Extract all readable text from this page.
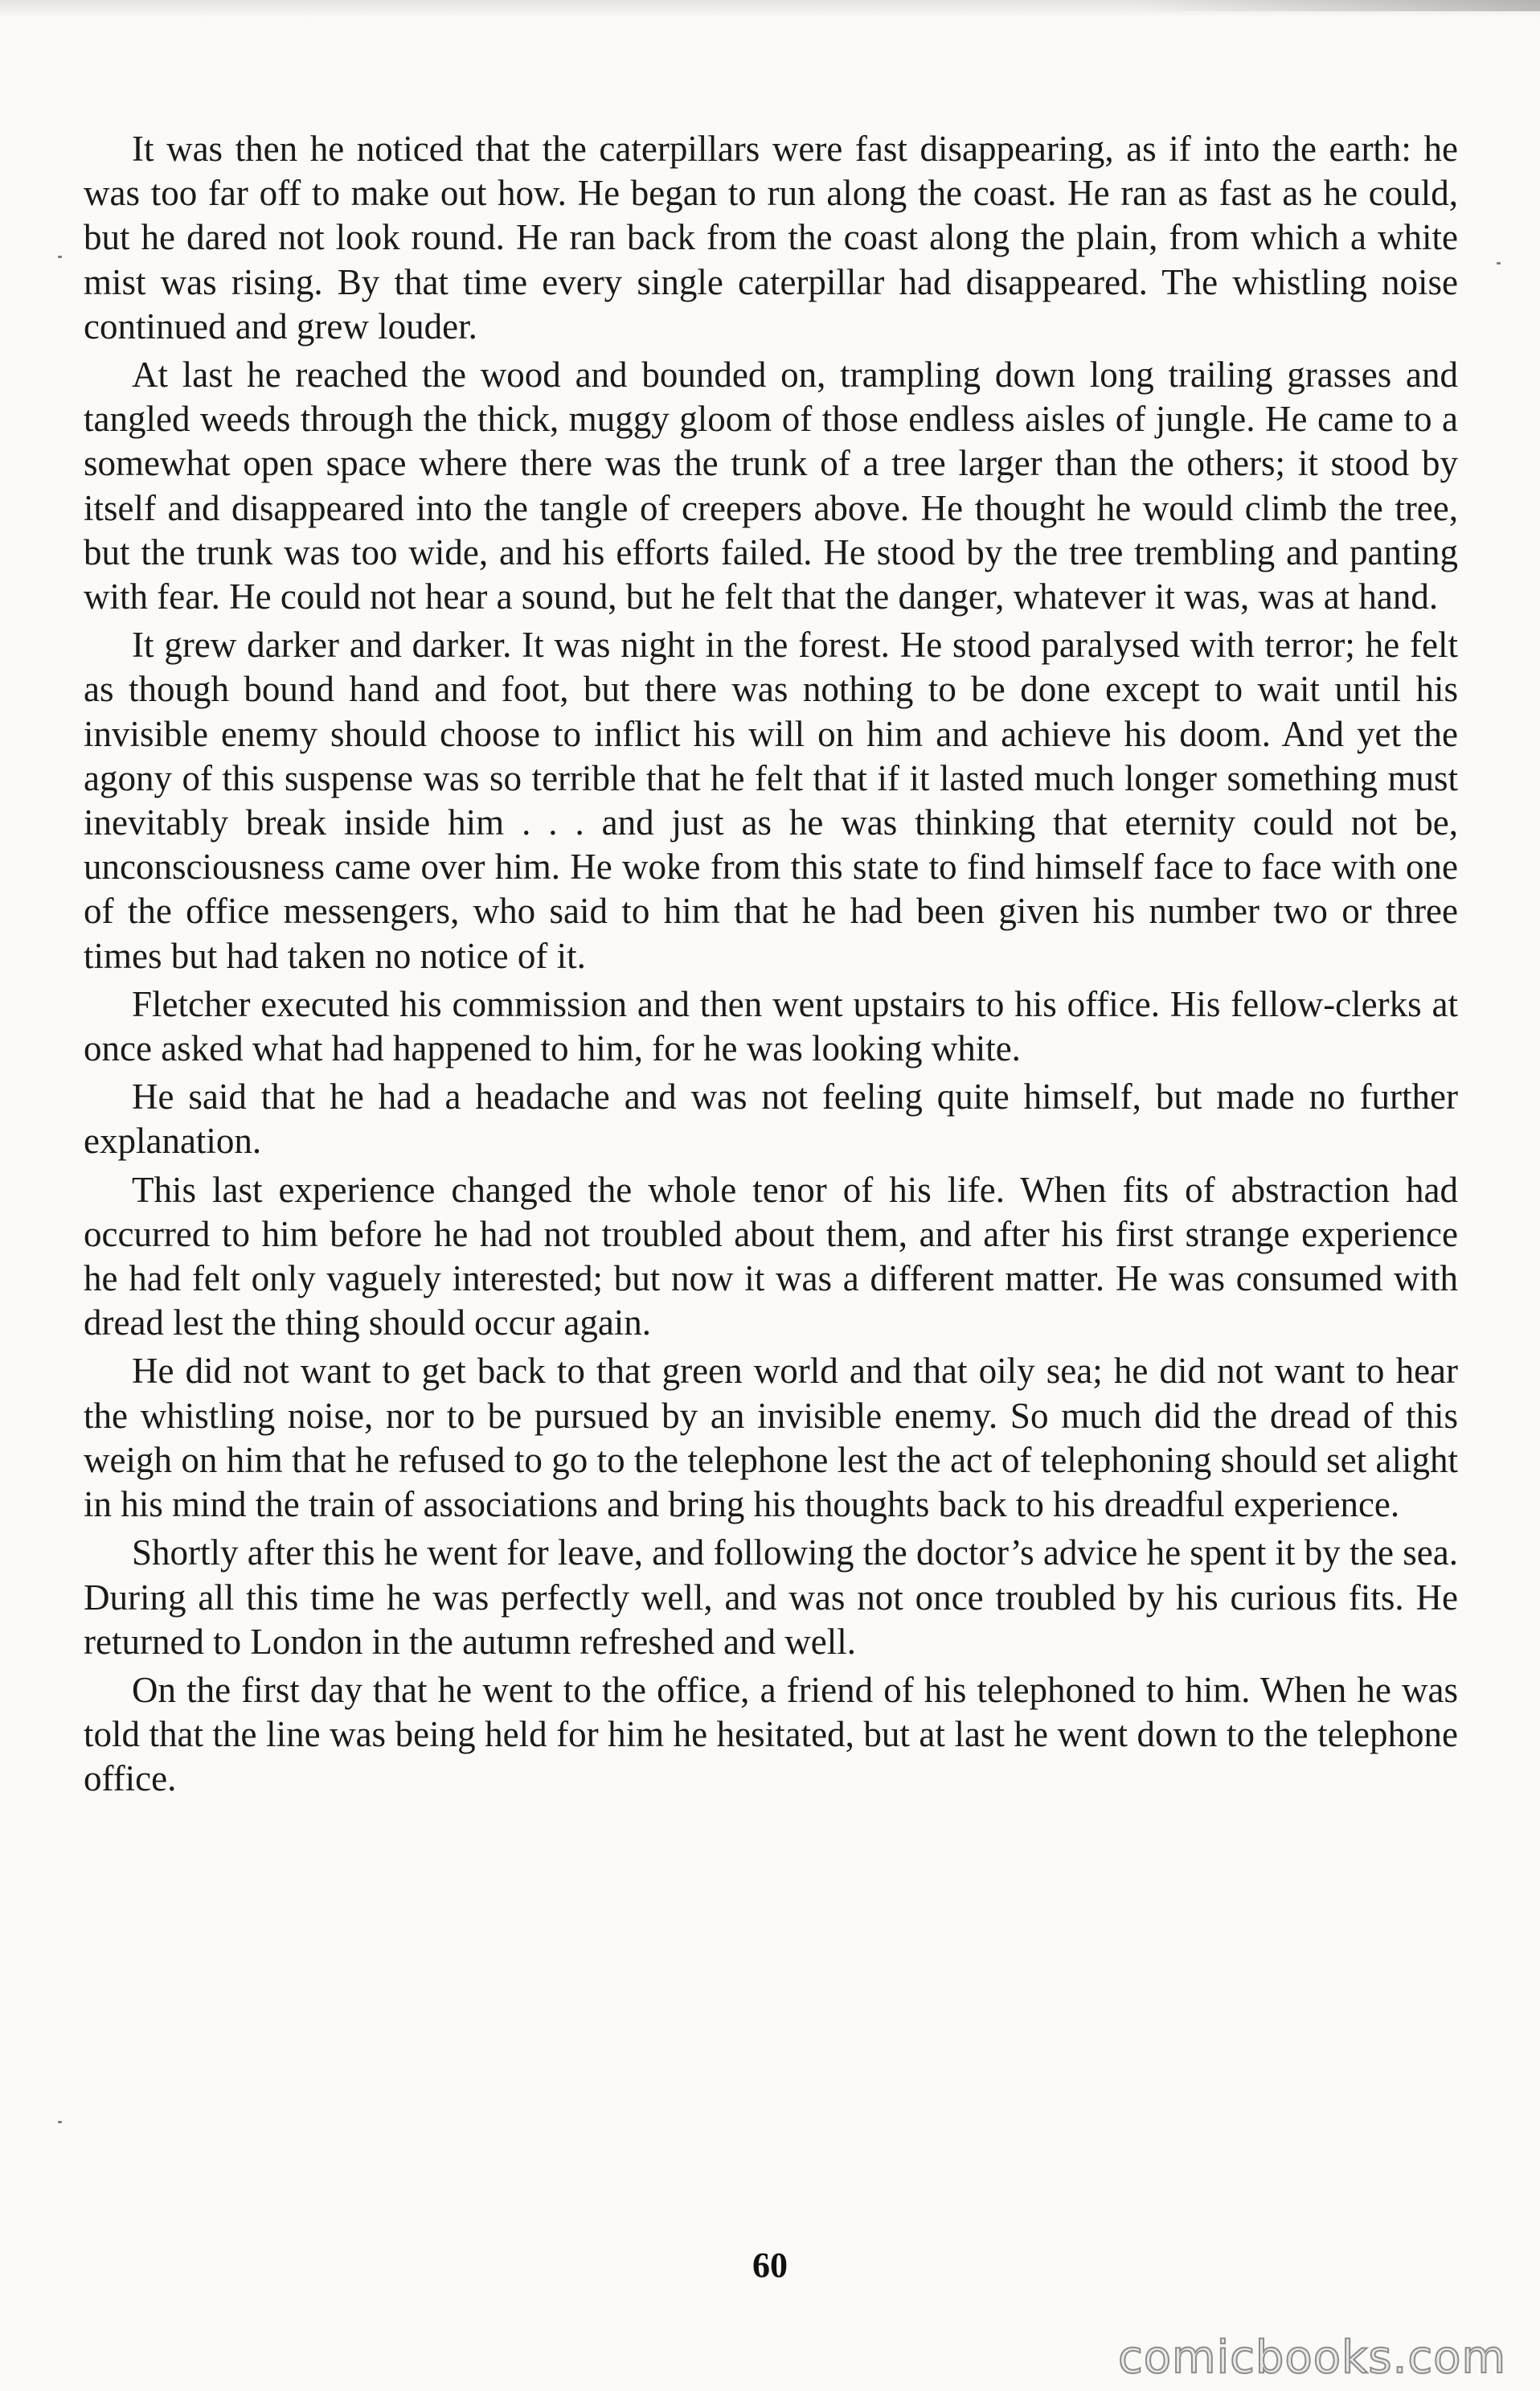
It was then he noticed that the caterpillars were fast disappearing, as if into the earth: he was too far off to make out how. He began to run along the coast. He ran as fast as he could, but he dared not look round. He ran back from the coast along the plain, from which a white mist was rising. By that time every single caterpillar had disappeared. The whistling noise continued and grew louder.

At last he reached the wood and bounded on, trampling down long trailing grasses and tangled weeds through the thick, muggy gloom of those endless aisles of jungle. He came to a somewhat open space where there was the trunk of a tree larger than the others; it stood by itself and disappeared into the tangle of creepers above. He thought he would climb the tree, but the trunk was too wide, and his efforts failed. He stood by the tree trembling and panting with fear. He could not hear a sound, but he felt that the danger, whatever it was, was at hand.

It grew darker and darker. It was night in the forest. He stood paralysed with terror; he felt as though bound hand and foot, but there was nothing to be done except to wait until his invisible enemy should choose to inflict his will on him and achieve his doom. And yet the agony of this suspense was so terrible that he felt that if it lasted much longer something must inevitably break inside him . . . and just as he was thinking that eternity could not be, unconsciousness came over him. He woke from this state to find himself face to face with one of the office messengers, who said to him that he had been given his number two or three times but had taken no notice of it.

Fletcher executed his commission and then went upstairs to his office. His fellow-clerks at once asked what had happened to him, for he was looking white.

He said that he had a headache and was not feeling quite himself, but made no further explanation.

This last experience changed the whole tenor of his life. When fits of abstraction had occurred to him before he had not troubled about them, and after his first strange experience he had felt only vaguely interested; but now it was a different matter. He was consumed with dread lest the thing should occur again.

He did not want to get back to that green world and that oily sea; he did not want to hear the whistling noise, nor to be pursued by an invisible enemy. So much did the dread of this weigh on him that he refused to go to the telephone lest the act of telephoning should set alight in his mind the train of associations and bring his thoughts back to his dreadful experience.

Shortly after this he went for leave, and following the doctor’s advice he spent it by the sea. During all this time he was perfectly well, and was not once troubled by his curious fits. He returned to London in the autumn refreshed and well.

On the first day that he went to the office, a friend of his telephoned to him. When he was told that the line was being held for him he hesitated, but at last he went down to the telephone office.

60
comicbooks.com
